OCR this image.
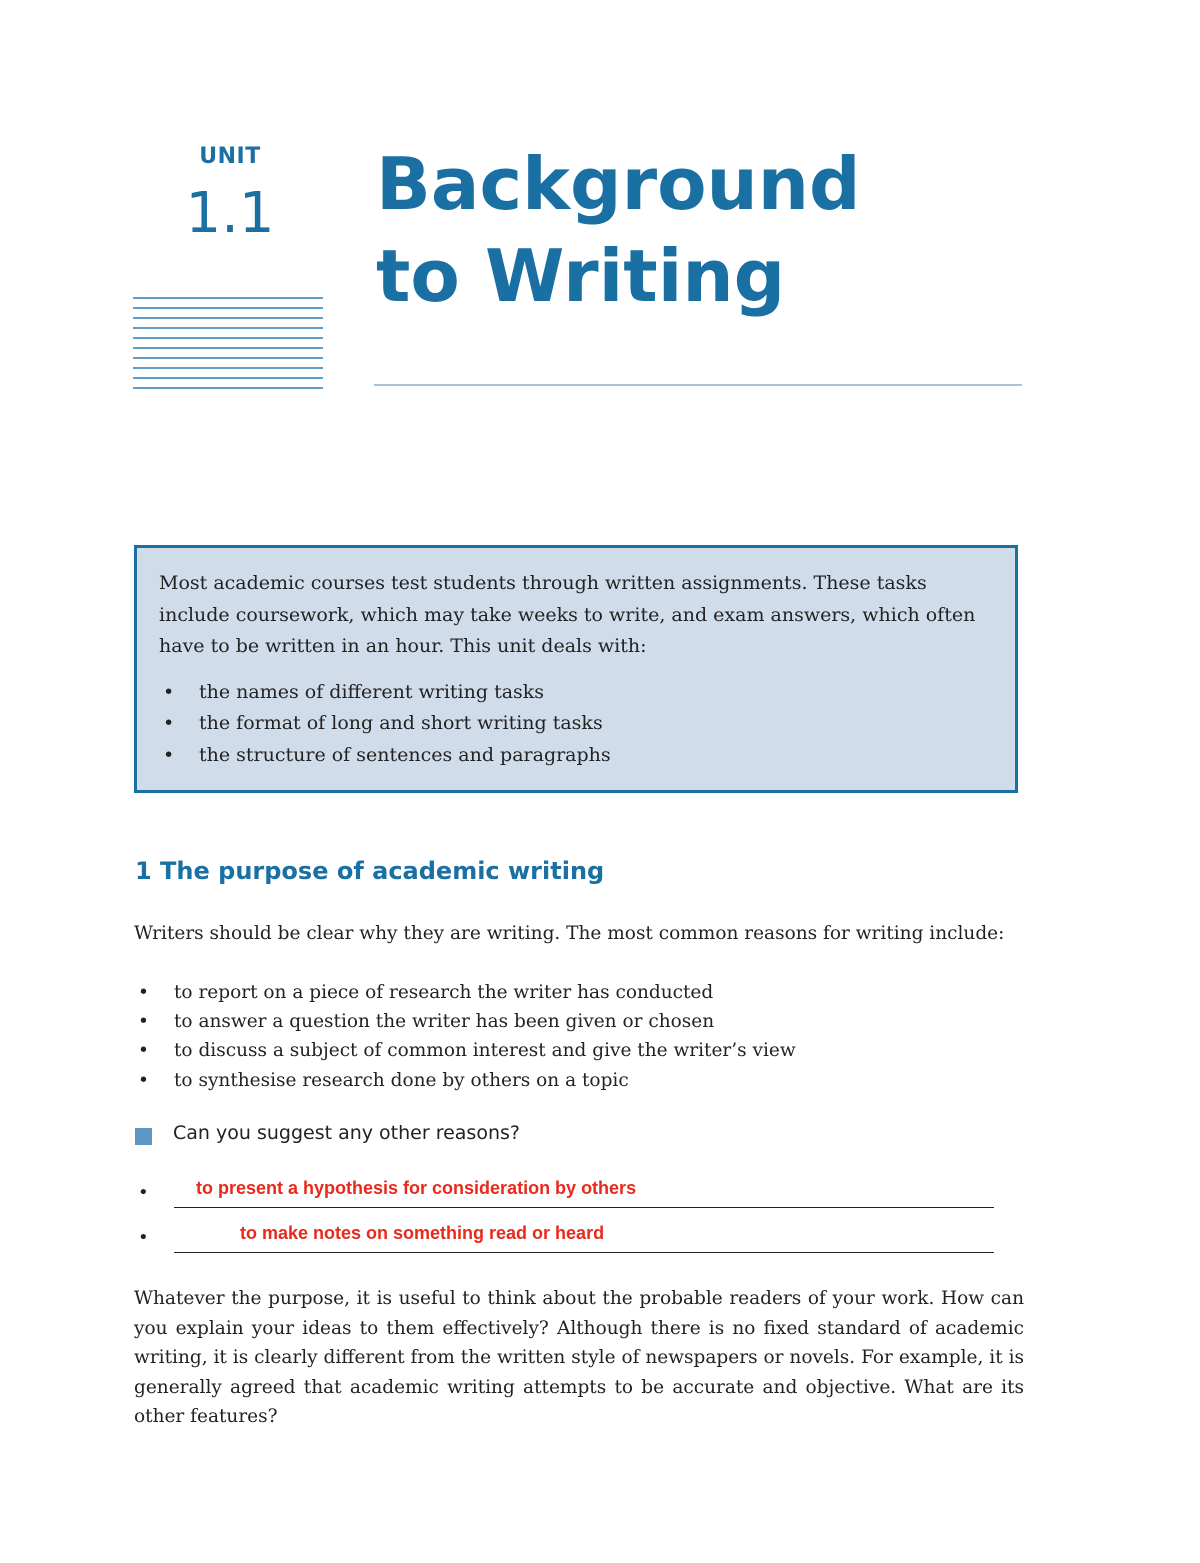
UNIT
1.1	Background
to Writing

Most academic courses test students through written assignments. These tasks include coursework, which may take weeks to write, and exam answers, which often have to be written in an hour. This unit deals with:

• the names of different writing tasks
• the format of long and short writing tasks
• the structure of sentences and paragraphs
1 The purpose of academic writing

Writers should be clear why they are writing. The most common reasons for writing include:

• to report on a piece of research the writer has conducted
• to answer a question the writer has been given or chosen
• to discuss a subject of common interest and give the writer’s view
• to synthesise research done by others on a topic
Can you suggest any other reasons?
•	to present a hypothesis for consideration by others
•	to make notes on something read or heard

Whatever the purpose, it is useful to think about the probable readers of your work. How can you explain your ideas to them effectively? Although there is no fixed standard of academic writing, it is clearly different from the written style of newspapers or novels. For example, it is generally agreed that academic writing attempts to be accurate and objective. What are its other features?
